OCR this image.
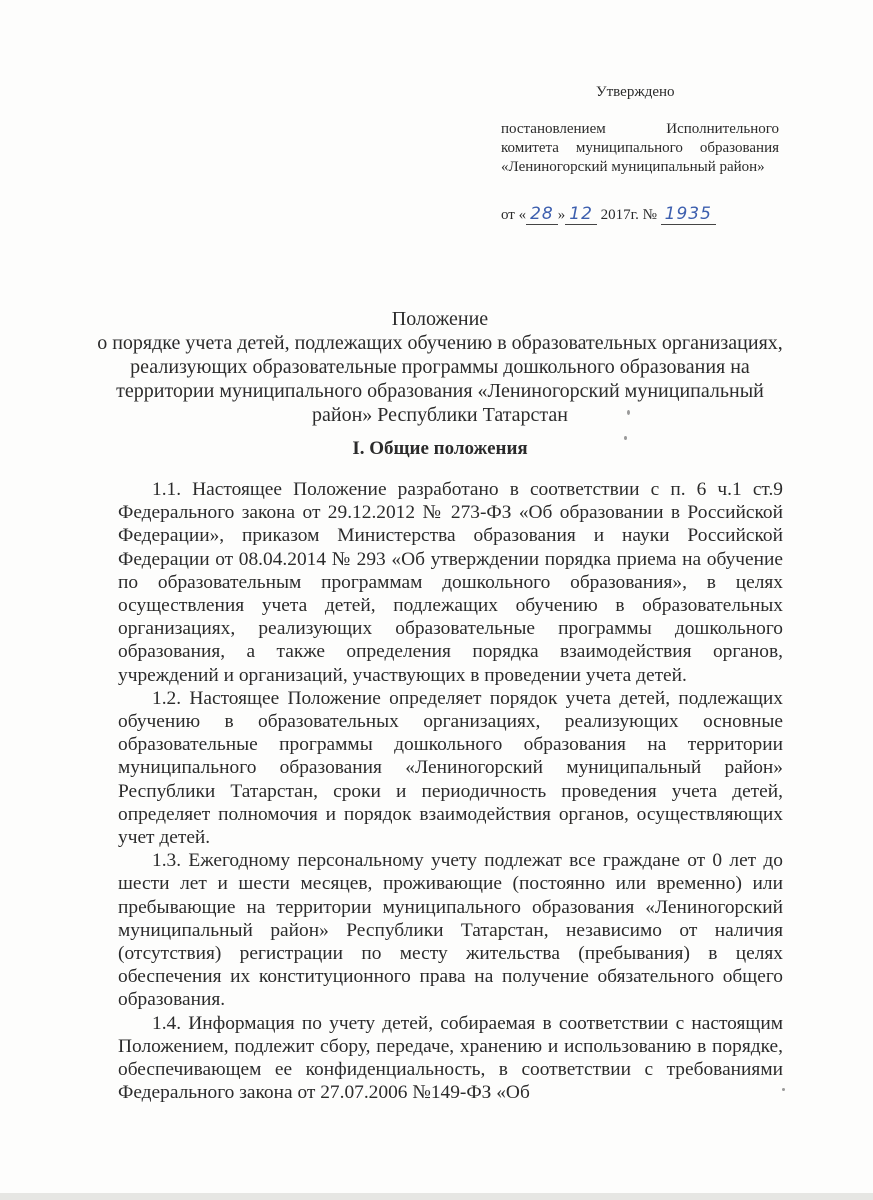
Утверждено
постановлением Исполнительного комитета муниципального образования «Лениногорский муниципальный район»
от « 28 » 12 2017г. № 1935
Положение
о порядке учета детей, подлежащих обучению в образовательных организациях,
реализующих образовательные программы дошкольного образования на
территории муниципального образования «Лениногорский муниципальный
район» Республики Татарстан
I. Общие положения

1.1. Настоящее Положение разработано в соответствии с п. 6 ч.1 ст.9 Федерального закона от 29.12.2012 № 273-ФЗ «Об образовании в Российской Федерации», приказом Министерства образования и науки Российской Федерации от 08.04.2014 № 293 «Об утверждении порядка приема на обучение по образовательным программам дошкольного образования», в целях осуществления учета детей, подлежащих обучению в образовательных организациях, реализующих образовательные программы дошкольного образования, а также определения порядка взаимодействия органов, учреждений и организаций, участвующих в проведении учета детей.

1.2. Настоящее Положение определяет порядок учета детей, подлежащих обучению в образовательных организациях, реализующих основные образовательные программы дошкольного образования на территории муниципального образования «Лениногорский муниципальный район» Республики Татарстан, сроки и периодичность проведения учета детей, определяет полномочия и порядок взаимодействия органов, осуществляющих учет детей.

1.3. Ежегодному персональному учету подлежат все граждане от 0 лет до шести лет и шести месяцев, проживающие (постоянно или временно) или пребывающие на территории муниципального образования «Лениногорский муниципальный район» Республики Татарстан, независимо от наличия (отсутствия) регистрации по месту жительства (пребывания) в целях обеспечения их конституционного права на получение обязательного общего образования.

1.4. Информация по учету детей, собираемая в соответствии с настоящим Положением, подлежит сбору, передаче, хранению и использованию в порядке, обеспечивающем ее конфиденциальность, в соответствии с требованиями Федерального закона от 27.07.2006 №149-ФЗ «Об
